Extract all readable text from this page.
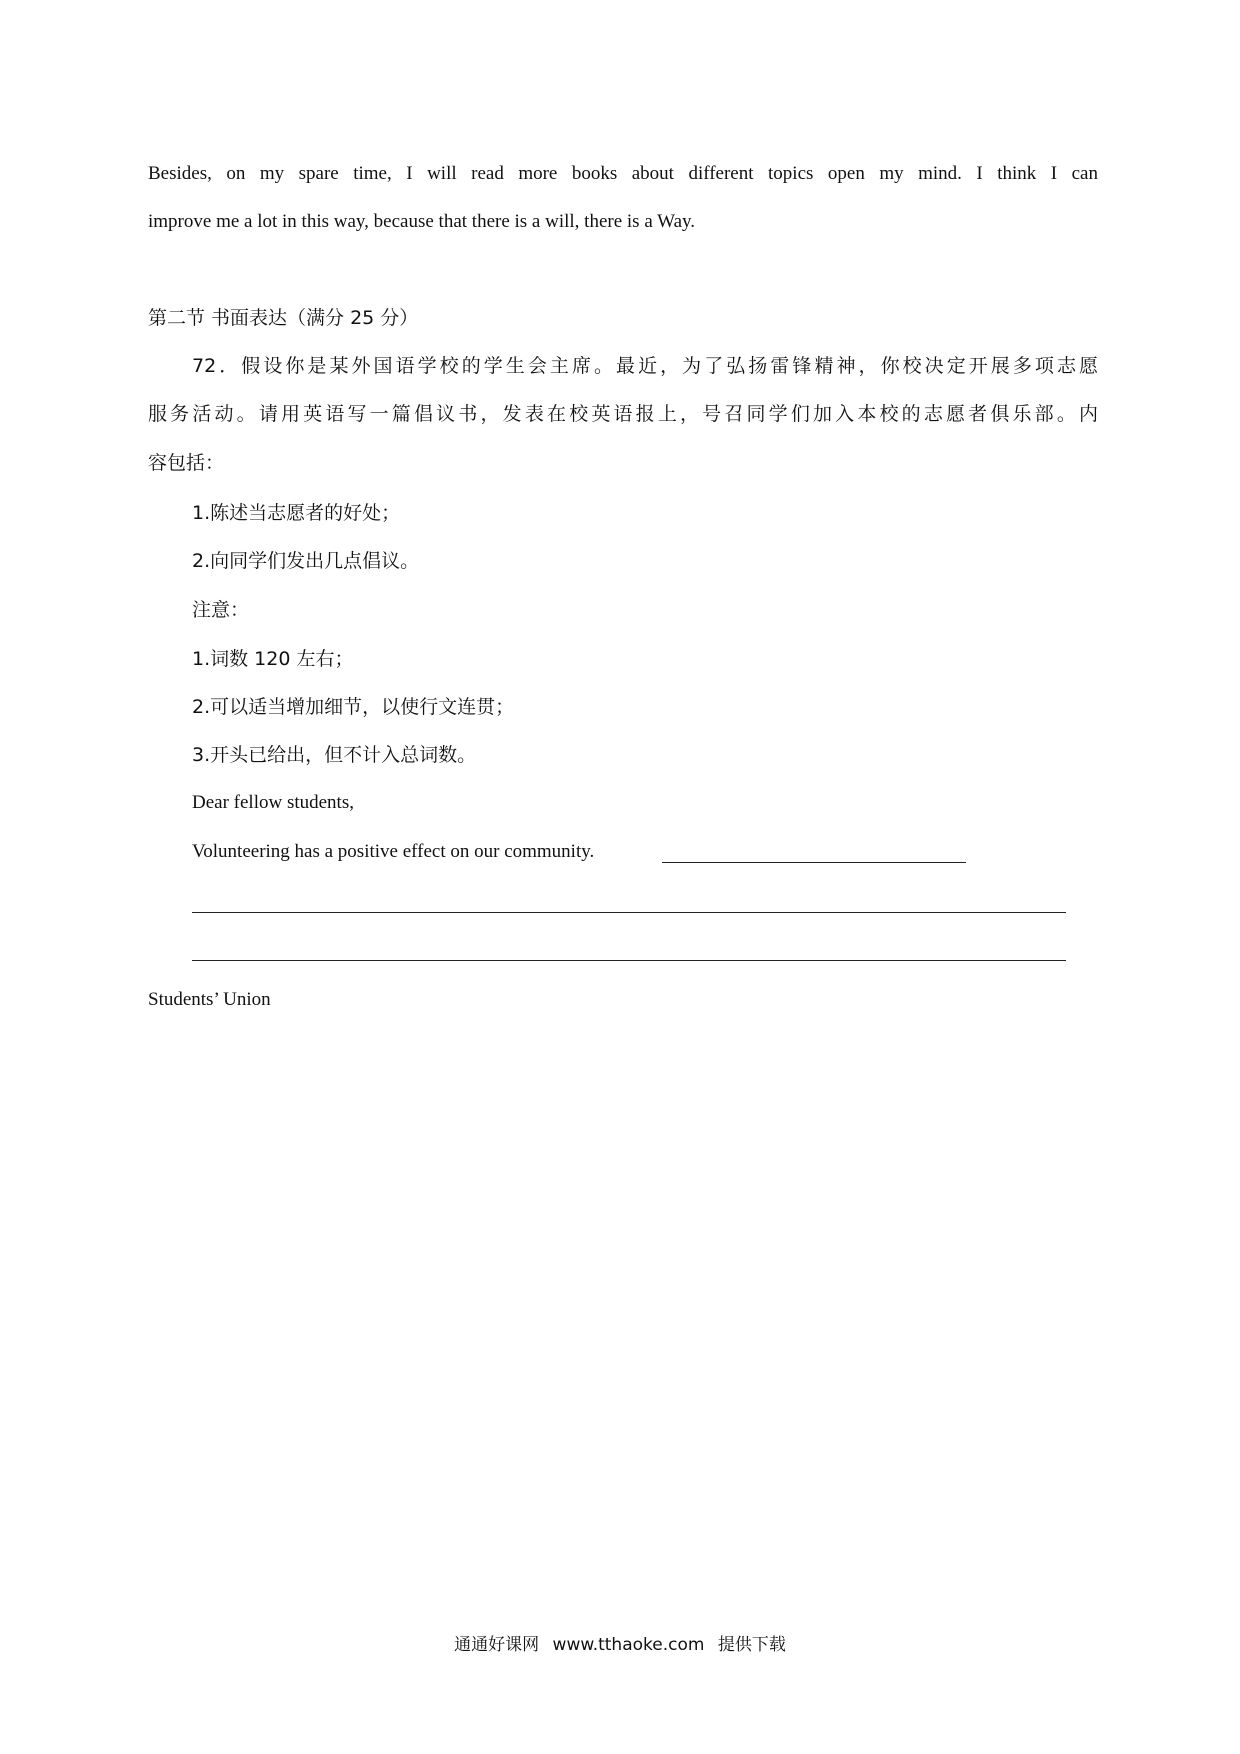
Besides, on my spare time, I will read more books about different topics open my mind. I think I can
improve me a lot in this way, because that there is a will, there is a Way.
第二节 书面表达（满分 25 分）
72．假设你是某外国语学校的学生会主席。最近，为了弘扬雷锋精神，你校决定开展多项志愿
服务活动。请用英语写一篇倡议书，发表在校英语报上，号召同学们加入本校的志愿者俱乐部。内
容包括：
1.陈述当志愿者的好处；
2.向同学们发出几点倡议。
注意：
1.词数 120 左右；
2.可以适当增加细节，以使行文连贯；
3.开头已给出，但不计入总词数。
Dear fellow students,
Volunteering has a positive effect on our community.
Students’ Union
通通好课网 www.tthaoke.com 提供下载
